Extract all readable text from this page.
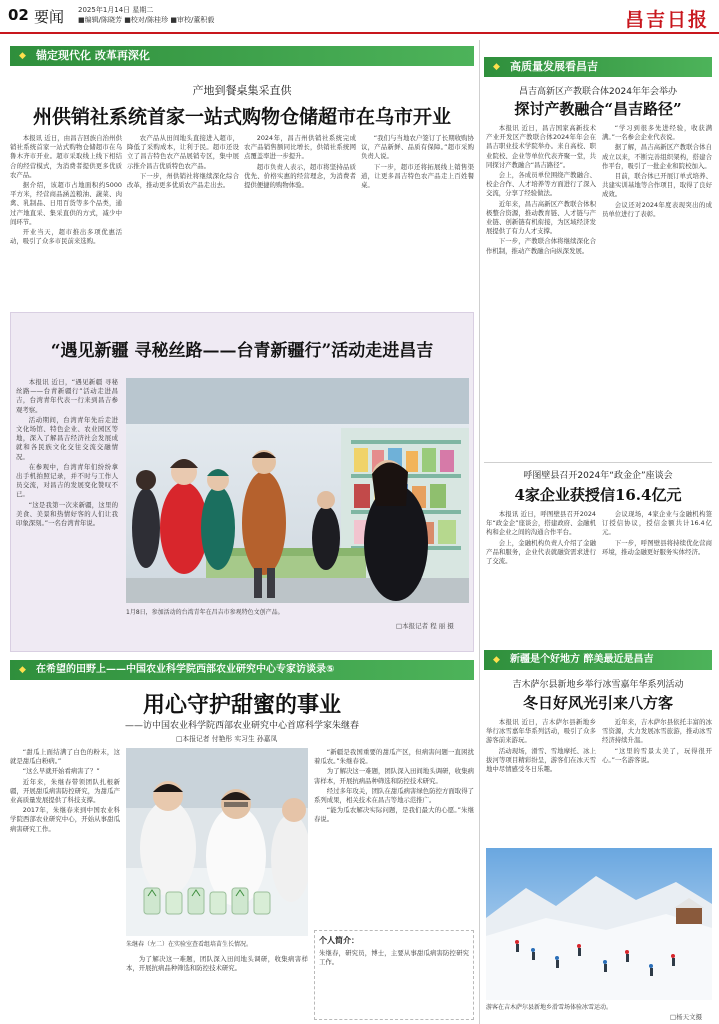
02 要闻 2025年1月14日 星期二
■编辑/陈晓芳 ■校对/陈桂珍 ■审校/董积毅	昌吉日报
◆ 锚定现代化 改革再深化
产地到餐桌集采直供
州供销社系统首家一站式购物仓储超市在乌市开业

本报讯 近日，由昌吉回族自治州供销社系统首家一站式购物仓储超市在乌鲁木齐市开业。超市采取线上线下相结合的经营模式，为消费者提供更多优质农产品。

据介绍，该超市占地面积约5000平方米，经营商品涵盖粮油、蔬菜、肉禽、乳制品、日用百货等多个品类，通过产地直采、集采直供的方式，减少中间环节。

开业当天，超市推出多项优惠活动，吸引了众多市民前来选购。

农产品从田间地头直接进入超市，降低了采购成本，让利于民。超市还设立了昌吉特色农产品展销专区，集中展示推介昌吉优质特色农产品。

下一步，州供销社将继续深化综合改革，推动更多优质农产品走出去。

2024年，昌吉州供销社系统完成农产品销售额同比增长，供销社系统网点覆盖率进一步提升。

超市负责人表示，超市将坚持品质优先、价格实惠的经营理念，为消费者提供便捷的购物体验。

“我们与当地农户签订了长期收购协议，产品新鲜、品质有保障。”超市采购负责人说。

下一步，超市还将拓展线上销售渠道，让更多昌吉特色农产品走上百姓餐桌。

“遇见新疆 寻秘丝路——台青新疆行”活动走进昌吉

本报讯 近日，“遇见新疆 寻秘丝路——台青新疆行”活动走进昌吉，台湾青年代表一行来到昌吉参观考察。

活动期间，台湾青年先后走进文化场馆、特色企业、农业园区等地，深入了解昌吉经济社会发展成就和各民族文化交往交流交融情况。

在参观中，台湾青年们纷纷拿出手机拍照记录，并不时与工作人员交流，对昌吉的发展变化赞叹不已。

“这是我第一次来新疆，这里的美食、美景和热情好客的人们让我印象深刻。”一名台湾青年说。

1月8日，参加活动的台湾青年在昌吉市参观特色文创产品。
□本报记者 程 丽 摄
◆ 在希望的田野上——中国农业科学院西部农业研究中心专家访谈录⑤
用心守护甜蜜的事业
——访中国农业科学院西部农业研究中心首席科学家朱继春
□本报记者 付艳彤 实习生 孙嘉凤

“甜瓜上面结满了白色的粉末，这就是甜瓜白粉病。”

“这么早就开始看病害了？”

近年来，朱继春带领团队扎根新疆，开展甜瓜病害防控研究，为甜瓜产业高质量发展提供了科技支撑。

2017年，朱继春来到中国农业科学院西部农业研究中心，开始从事甜瓜病害研究工作。

朱继春（左二）在实验室查看组培苗生长情况。

“新疆是我国重要的甜瓜产区，但病害问题一直困扰着瓜农。”朱继春说。

为了解决这一难题，团队深入田间地头调研，收集病害样本，开展抗病品种筛选和防控技术研究。

经过多年攻关，团队在甜瓜病害绿色防控方面取得了系列成果，相关技术在昌吉等地示范推广。

“能为瓜农解决实际问题，是我们最大的心愿。”朱继春说。

为了解决这一难题，团队深入田间地头调研，收集病害样本，开展抗病品种筛选和防控技术研究。

个人简介：
朱继春，研究员，博士，主要从事甜瓜病害防控研究工作。
◆ 高质量发展看昌吉
昌吉高新区产教联合体2024年年会举办
探讨产教融合“昌吉路径”

本报讯 近日，昌吉国家高新技术产业开发区产教联合体2024年年会在昌吉职业技术学院举办。来自高校、职业院校、企业等单位代表齐聚一堂，共同探讨产教融合“昌吉路径”。

会上，各成员单位围绕产教融合、校企合作、人才培养等方面进行了深入交流，分享了经验做法。

近年来，昌吉高新区产教联合体积极整合资源，推动教育链、人才链与产业链、创新链有机衔接，为区域经济发展提供了有力人才支撑。

下一步，产教联合体将继续深化合作机制，推动产教融合向纵深发展。

“学习到很多先进经验，收获满满。”一名参会企业代表说。

据了解，昌吉高新区产教联合体自成立以来，不断完善组织架构，搭建合作平台，吸引了一批企业和院校加入。

目前，联合体已开展订单式培养、共建实训基地等合作项目，取得了良好成效。

会议还对2024年度表现突出的成员单位进行了表彰。

呼图壁县召开2024年“政金企”座谈会
4家企业获授信16.4亿元

本报讯 近日，呼图壁县召开2024年“政金企”座谈会，搭建政府、金融机构和企业之间的沟通合作平台。

会上，金融机构负责人介绍了金融产品和服务，企业代表就融资需求进行了交流。

会议现场，4家企业与金融机构签订授信协议，授信金额共计16.4亿元。

下一步，呼图壁县将持续优化营商环境，推动金融更好服务实体经济。

◆ 新疆是个好地方 醉美最近是昌吉
吉木萨尔县新地乡举行冰雪嘉年华系列活动
冬日好风光引来八方客

本报讯 近日，吉木萨尔县新地乡举行冰雪嘉年华系列活动，吸引了众多游客前来游玩。

活动现场，滑雪、雪地摩托、冰上拔河等项目精彩纷呈，游客们在冰天雪地中尽情感受冬日乐趣。

近年来，吉木萨尔县依托丰富的冰雪资源，大力发展冰雪旅游，推动冰雪经济持续升温。

“这里的雪景太美了，玩得很开心。”一名游客说。

游客在吉木萨尔县新地乡滑雪场体验冰雪运动。
□杨天文摄
